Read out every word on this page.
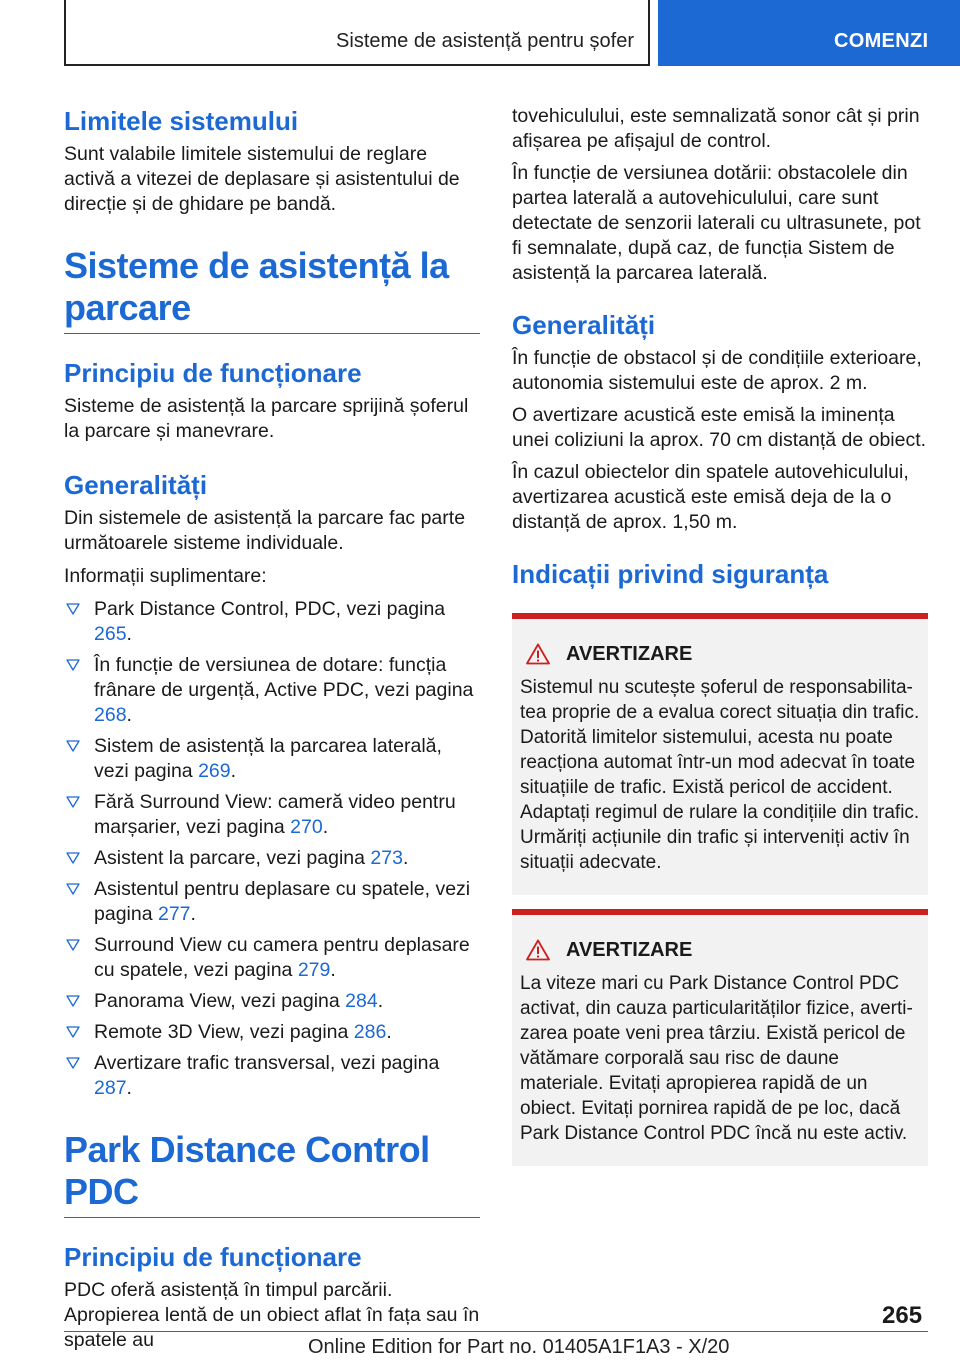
Sisteme de asistență pentru șofer	COMENZI
Limitele sistemului

Sunt valabile limitele sistemului de reglare activă a vitezei de deplasare și asistentului de direcție și de ghidare pe bandă.

Sisteme de asistență la parcare
Principiu de funcționare

Sisteme de asistență la parcare sprijină șoferul la parcare și manevrare.

Generalități

Din sistemele de asistență la parcare fac parte următoarele sisteme individuale.

Informații suplimentare:

Park Distance Control, PDC, vezi pagina 265.
În funcție de versiunea de dotare: funcția frânare de urgență, Active PDC, vezi pagina 268.
Sistem de asistență la parcarea laterală, vezi pagina 269.
Fără Surround View: cameră video pentru marșarier, vezi pagina 270.
Asistent la parcare, vezi pagina 273.
Asistentul pentru deplasare cu spatele, vezi pagina 277.
Surround View cu camera pentru deplasare cu spatele, vezi pagina 279.
Panorama View, vezi pagina 284.
Remote 3D View, vezi pagina 286.
Avertizare trafic transversal, vezi pagina 287.
Park Distance Control PDC
Principiu de funcționare

PDC oferă asistență în timpul parcării. Apropierea lentă de un obiect aflat în fața sau în spatele au

tovehiculului, este semnalizată sonor cât și prin afișarea pe afișajul de control.

În funcție de versiunea dotării: obstacolele din partea laterală a autovehiculului, care sunt detectate de senzorii laterali cu ultrasunete, pot fi semnalate, după caz, de funcția Sistem de asistență la parcarea laterală.

Generalități

În funcție de obstacol și de condițiile exterioare, autonomia sistemului este de aprox. 2 m.

O avertizare acustică este emisă la iminența unei coliziuni la aprox. 70 cm distanță de obiect.

În cazul obiectelor din spatele autovehiculului, avertizarea acustică este emisă deja de la o distanță de aprox. 1,50 m.

Indicații privind siguranța
AVERTIZARE

Sistemul nu scutește șoferul de responsabilitatea proprie de a evalua corect situația din trafic. Datorită limitelor sistemului, acesta nu poate reacționa automat într-un mod adecvat în toate situațiile de trafic. Există pericol de accident. Adaptați regimul de rulare la condițiile din trafic. Urmăriți acțiunile din trafic și interveniți activ în situații adecvate.

AVERTIZARE

La viteze mari cu Park Distance Control PDC activat, din cauza particularităților fizice, avertizarea poate veni prea târziu. Există pericol de vătămare corporală sau risc de daune materiale. Evitați apropierea rapidă de un obiect. Evitați pornirea rapidă de pe loc, dacă Park Distance Control PDC încă nu este activ.

265
Online Edition for Part no. 01405A1F1A3 - X/20
